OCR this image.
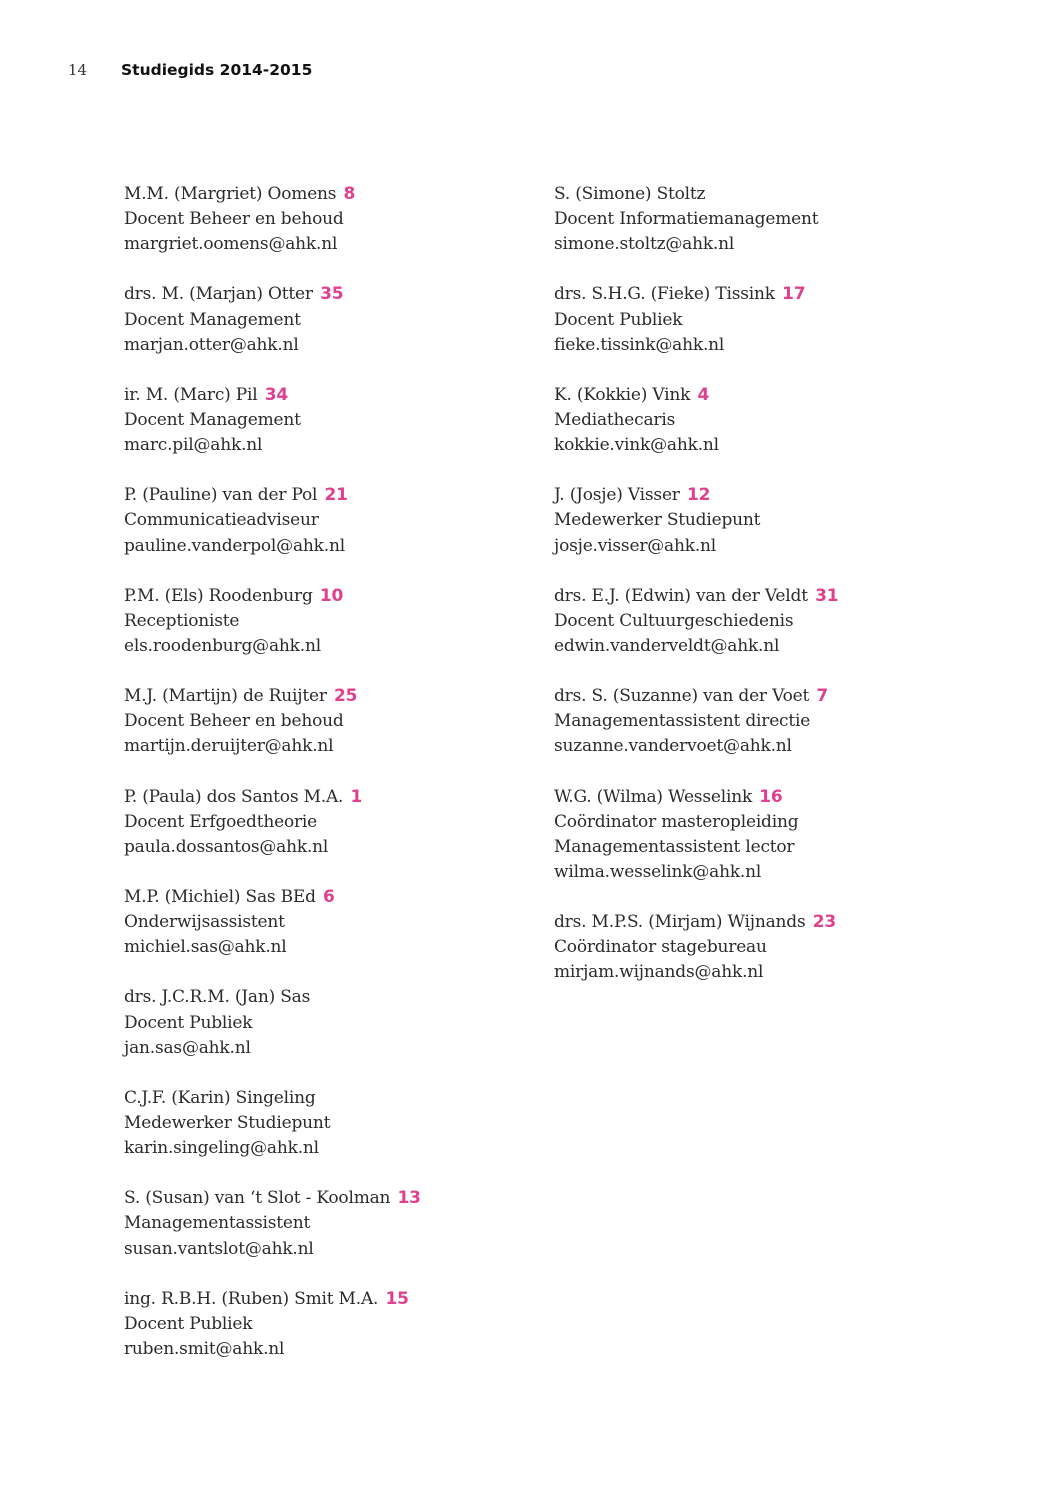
14	Studiegids 2014-2015
M.M. (Margriet) Oomens 8
Docent Beheer en behoud
margriet.oomens@ahk.nl
drs. M. (Marjan) Otter 35
Docent Management
marjan.otter@ahk.nl
ir. M. (Marc) Pil 34
Docent Management
marc.pil@ahk.nl
P. (Pauline) van der Pol 21
Communicatieadviseur
pauline.vanderpol@ahk.nl
P.M. (Els) Roodenburg 10
Receptioniste
els.roodenburg@ahk.nl
M.J. (Martijn) de Ruijter 25
Docent Beheer en behoud
martijn.deruijter@ahk.nl
P. (Paula) dos Santos M.A. 1
Docent Erfgoedtheorie
paula.dossantos@ahk.nl
M.P. (Michiel) Sas BEd 6
Onderwijsassistent
michiel.sas@ahk.nl
drs. J.C.R.M. (Jan) Sas
Docent Publiek
jan.sas@ahk.nl
C.J.F. (Karin) Singeling
Medewerker Studiepunt
karin.singeling@ahk.nl
S. (Susan) van ‘t Slot - Koolman 13
Managementassistent
susan.vantslot@ahk.nl
ing. R.B.H. (Ruben) Smit M.A. 15
Docent Publiek
ruben.smit@ahk.nl
S. (Simone) Stoltz
Docent Informatiemanagement
simone.stoltz@ahk.nl
drs. S.H.G. (Fieke) Tissink 17
Docent Publiek
fieke.tissink@ahk.nl
K. (Kokkie) Vink 4
Mediathecaris
kokkie.vink@ahk.nl
J. (Josje) Visser 12
Medewerker Studiepunt
josje.visser@ahk.nl
drs. E.J. (Edwin) van der Veldt 31
Docent Cultuurgeschiedenis
edwin.vanderveldt@ahk.nl
drs. S. (Suzanne) van der Voet 7
Managementassistent directie
suzanne.vandervoet@ahk.nl
W.G. (Wilma) Wesselink 16
Coördinator masteropleiding
Managementassistent lector
wilma.wesselink@ahk.nl
drs. M.P.S. (Mirjam) Wijnands 23
Coördinator stagebureau
mirjam.wijnands@ahk.nl
